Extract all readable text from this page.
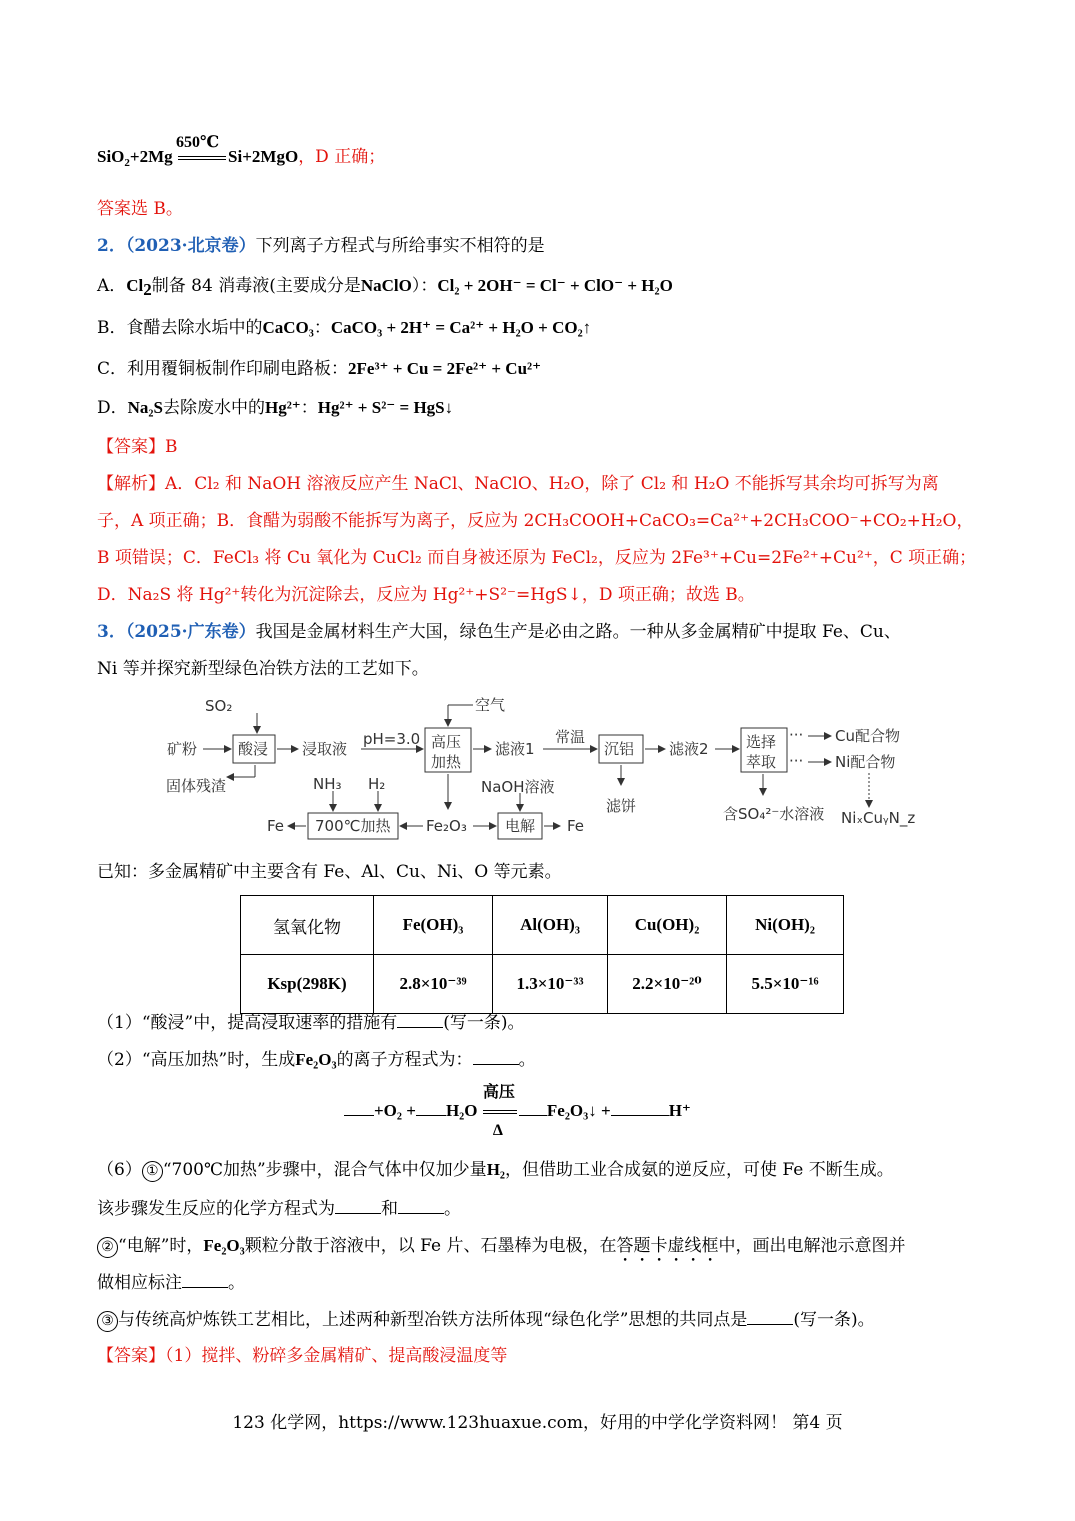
SiO$_2$+2Mg
650℃
Si+2MgO，D 正确；
答案选 B。
2．（2023·北京卷）下列离子方程式与所给事实不相符的是
A．$Cl_2$制备 84 消毒液(主要成分是NaClO）：Cl₂ + 2OH⁻ = Cl⁻ + ClO⁻ + H₂O
B．食醋去除水垢中的CaCO₃：CaCO₃ + 2H⁺ = Ca²⁺ + H₂O + CO₂↑
C．利用覆铜板制作印刷电路板：2Fe³⁺ + Cu = 2Fe²⁺ + Cu²⁺
D．Na₂S去除废水中的Hg²⁺：Hg²⁺ + S²⁻ = HgS↓
【答案】B
【解析】A．Cl₂ 和 NaOH 溶液反应产生 NaCl、NaClO、H₂O，除了 Cl₂ 和 H₂O 不能拆写其余均可拆写为离
子，A 项正确；B．食醋为弱酸不能拆写为离子，反应为 2CH₃COOH+CaCO₃=Ca²⁺+2CH₃COO⁻+CO₂+H₂O，
B 项错误；C．FeCl₃ 将 Cu 氧化为 CuCl₂ 而自身被还原为 FeCl₂，反应为 2Fe³⁺+Cu=2Fe²⁺+Cu²⁺，C 项正确；
D．Na₂S 将 Hg²⁺转化为沉淀除去，反应为 Hg²⁺+S²⁻=HgS↓，D 项正确；故选 B。
3．（2025·广东卷）我国是金属材料生产大国，绿色生产是必由之路。一种从多金属精矿中提取 Fe、Cu、
Ni 等并探究新型绿色冶铁方法的工艺如下。
···
···
SO₂
矿粉	酸浸 浸取液
pH=3.0
空气
高压
加热
滤液1
常温
沉铝 滤液2 选择
萃取
Cu配合物
Ni配合物
固体残渣	NH₃ H₂	NaOH溶液
滤饼	含SO₄²⁻水溶液 NiₓCuᵧN_z
Fe 700℃加热 Fe₂O₃	电解 Fe
已知：多金属精矿中主要含有 Fe、Al、Cu、Ni、O 等元素。
氢氧化物	Fe(OH)₃	Al(OH)₃	Cu(OH)₂	Ni(OH)₂
Ksp(298K)	2.8×10⁻³⁹	1.3×10⁻³³	2.2×10⁻²⁰	5.5×10⁻¹⁶
（1）“酸浸”中，提高浸取速率的措施有	(写一条)。
（2）“高压加热”时，生成Fe₂O₃的离子方程式为：	。
+O₂ + H₂O
高压
Δ
Fe₂O₃↓ +	H⁺
（6） ① “700℃加热”步骤中，混合气体中仅加少量H₂，但借助工业合成氨的逆反应，可使 Fe 不断生成。
该步骤发生反应的化学方程式为	和	。
② “电解”时，Fe₂O₃颗粒分散于溶液中，以 Fe 片、石墨棒为电极，在答题卡虚线框中，画出电解池示意图并
做相应标注	。
③ 与传统高炉炼铁工艺相比，上述两种新型冶铁方法所体现“绿色化学”思想的共同点是	(写一条)。
【答案】（1）搅拌、粉碎多金属精矿、提高酸浸温度等
123 化学网，https://www.123huaxue.com，好用的中学化学资料网！ 第4 页
